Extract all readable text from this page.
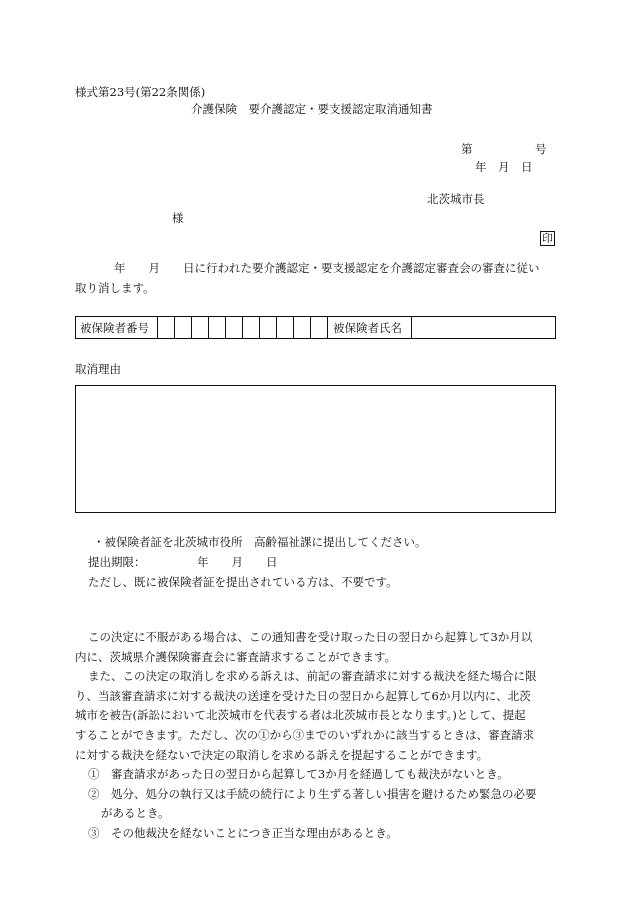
様式第23号(第22条関係)
介護保険　要介護認定・要支援認定取消通知書
第	号
年　月　日
北茨城市長
様
印
年　　月　　日に行われた要介護認定・要支援認定を介護認定審査会の審査に従い
取り消します。
被保険者番号	被保険者氏名
取消理由
・被保険者証を北茨城市役所　高齢福祉課に提出してください。
提出期限：	年　　月　　日
ただし、既に被保険者証を提出されている方は、不要です。

この決定に不服がある場合は、この通知書を受け取った日の翌日から起算して3か月以

内に、茨城県介護保険審査会に審査請求することができます。

また、この決定の取消しを求める訴えは、前記の審査請求に対する裁決を経た場合に限

り、当該審査請求に対する裁決の送達を受けた日の翌日から起算して6か月以内に、北茨

城市を被告(訴訟において北茨城市を代表する者は北茨城市長となります。)として、提起

することができます。ただし、次の①から③までのいずれかに該当するときは、審査請求

に対する裁決を経ないで決定の取消しを求める訴えを提起することができます。

①　審査請求があった日の翌日から起算して3か月を経過しても裁決がないとき。

②　処分、処分の執行又は手続の続行により生ずる著しい損害を避けるため緊急の必要

があるとき。

③　その他裁決を経ないことにつき正当な理由があるとき。
